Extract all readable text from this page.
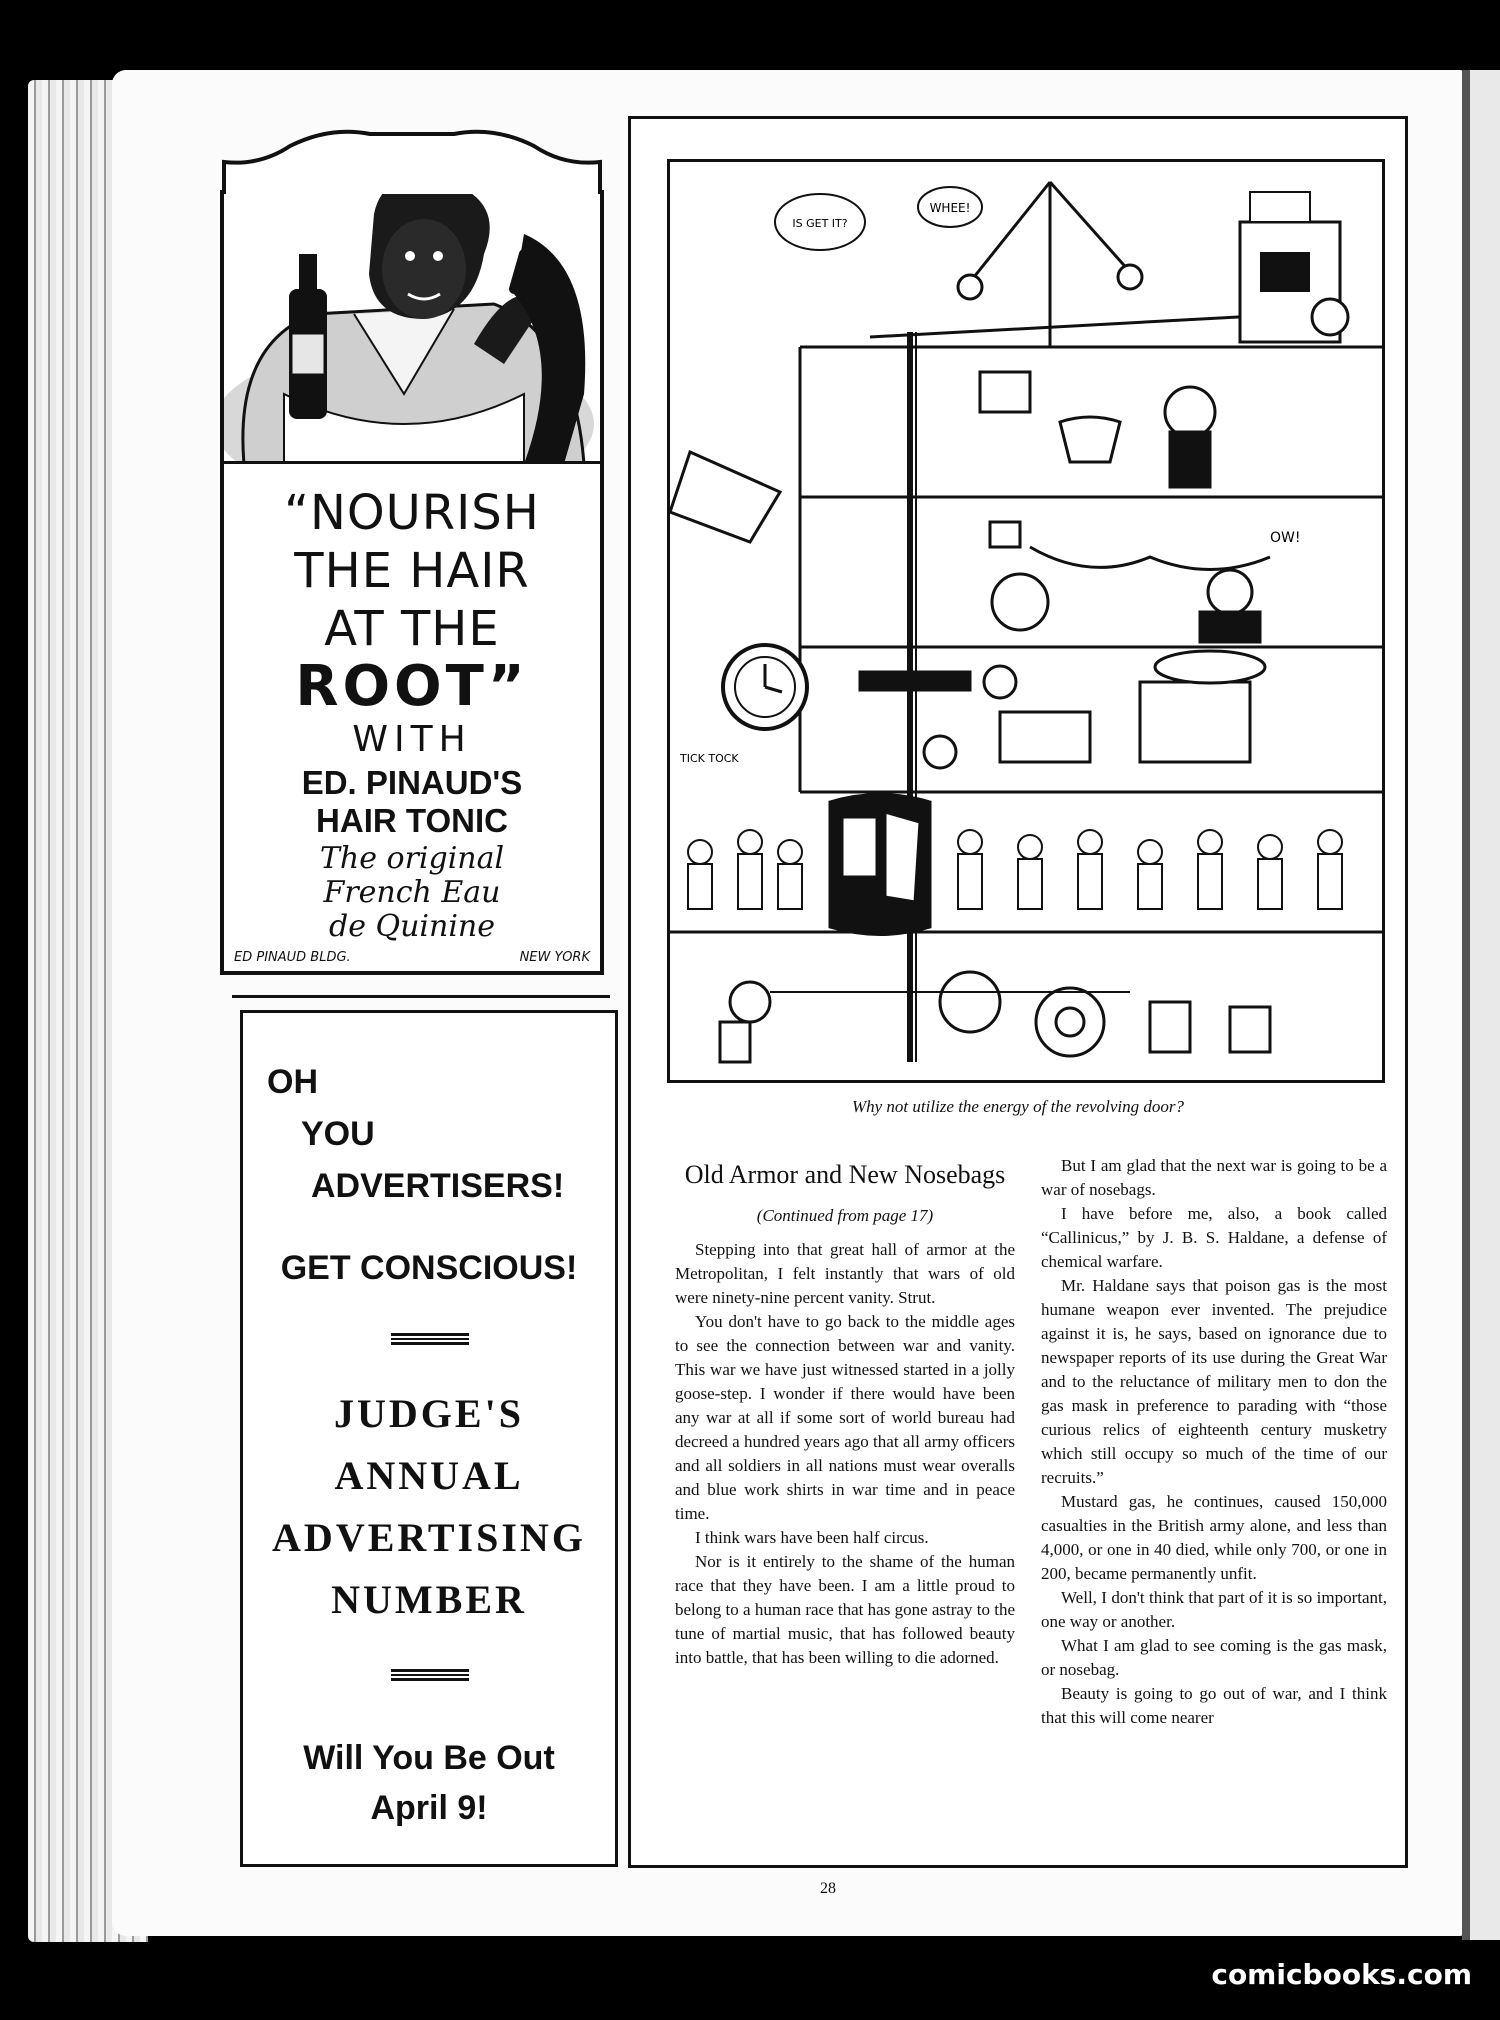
“NOURISH
THE HAIR
AT THE
ROOT”
WITH
ED. PINAUD'S
HAIR TONIC
The original
French Eau
de Quinine
ED PINAUD BLDG.	NEW YORK
OH
YOU
ADVERTISERS!
GET CONSCIOUS!
JUDGE'S
ANNUAL
ADVERTISING
NUMBER
Will You Be Out
April 9!
IS GET IT?
WHEE!
OW!
TICK TOCK
Why not utilize the energy of the revolving door?
Old Armor and New Nosebags
(Continued from page 17)

Stepping into that great hall of armor at the Metropolitan, I felt instantly that wars of old were ninety-nine percent vanity. Strut.

You don't have to go back to the middle ages to see the connection between war and vanity. This war we have just witnessed started in a jolly goose-step. I wonder if there would have been any war at all if some sort of world bureau had decreed a hundred years ago that all army officers and all soldiers in all nations must wear overalls and blue work shirts in war time and in peace time.

I think wars have been half circus.

Nor is it entirely to the shame of the human race that they have been. I am a little proud to belong to a human race that has gone astray to the tune of martial music, that has followed beauty into battle, that has been willing to die adorned.

But I am glad that the next war is going to be a war of nosebags.

I have before me, also, a book called “Callinicus,” by J. B. S. Haldane, a defense of chemical warfare.

Mr. Haldane says that poison gas is the most humane weapon ever invented. The prejudice against it is, he says, based on ignorance due to newspaper reports of its use during the Great War and to the reluctance of military men to don the gas mask in preference to parading with “those curious relics of eighteenth century musketry which still occupy so much of the time of our recruits.”

Mustard gas, he continues, caused 150,000 casualties in the British army alone, and less than 4,000, or one in 40 died, while only 700, or one in 200, became permanently unfit.

Well, I don't think that part of it is so important, one way or another.

What I am glad to see coming is the gas mask, or nosebag.

Beauty is going to go out of war, and I think that this will come nearer

28
comicbooks.com
